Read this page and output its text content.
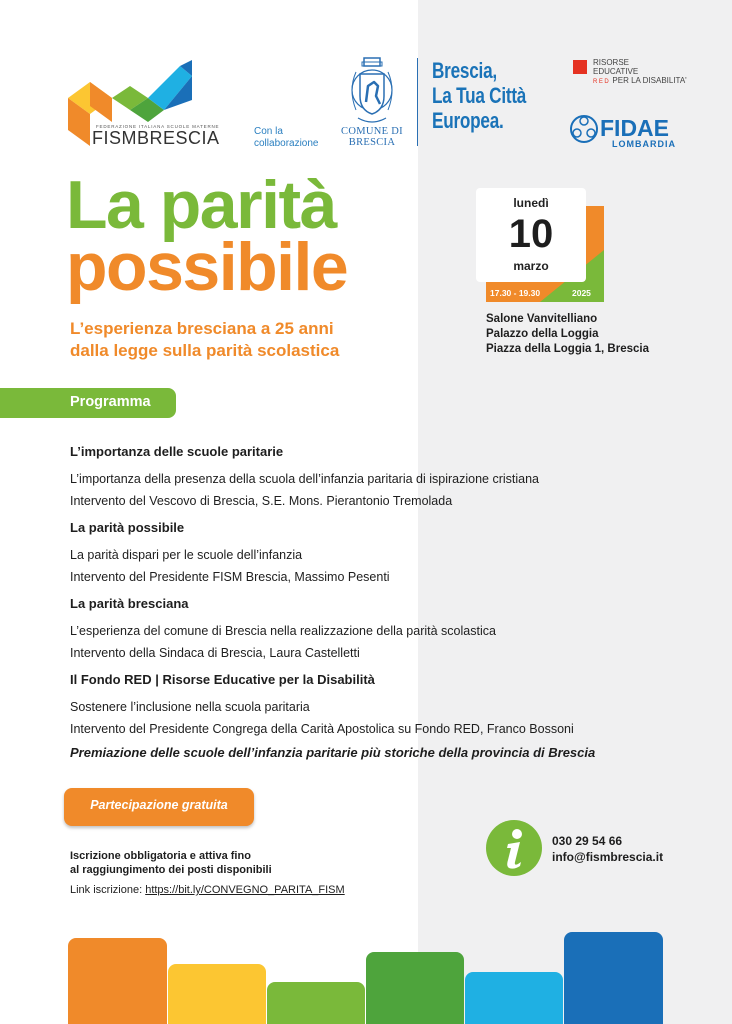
FEDERAZIONE ITALIANA SCUOLE MATERNE
FISMBRESCIA	Con la
collaborazione
COMUNE DI
BRESCIA
Brescia,
La Tua Città
Europea.
RISORSE
EDUCATIVE
RED PER LA DISABILITA'
FIDAE
LOMBARDIA
La parità
possibile
L’esperienza bresciana a 25 anni
dalla legge sulla parità scolastica
lunedì
10
marzo
17.30 - 19.30	2025
Salone Vanvitelliano
Palazzo della Loggia
Piazza della Loggia 1, Brescia
Programma
L’importanza delle scuole paritarie
L’importanza della presenza della scuola dell’infanzia paritaria di ispirazione cristiana
Intervento del Vescovo di Brescia, S.E. Mons. Pierantonio Tremolada
La parità possibile
La parità dispari per le scuole dell’infanzia
Intervento del Presidente FISM Brescia, Massimo Pesenti
La parità bresciana
L’esperienza del comune di Brescia nella realizzazione della parità scolastica
Intervento della Sindaca di Brescia, Laura Castelletti
Il Fondo RED | Risorse Educative per la Disabilità
Sostenere l’inclusione nella scuola paritaria
Intervento del Presidente Congrega della Carità Apostolica su Fondo RED, Franco Bossoni
Premiazione delle scuole dell’infanzia paritarie più storiche della provincia di Brescia
Partecipazione gratuita
Iscrizione obbligatoria e attiva fino
al raggiungimento dei posti disponibili
Link iscrizione: https://bit.ly/CONVEGNO_PARITA_FISM
030 29 54 66
info@fismbrescia.it
